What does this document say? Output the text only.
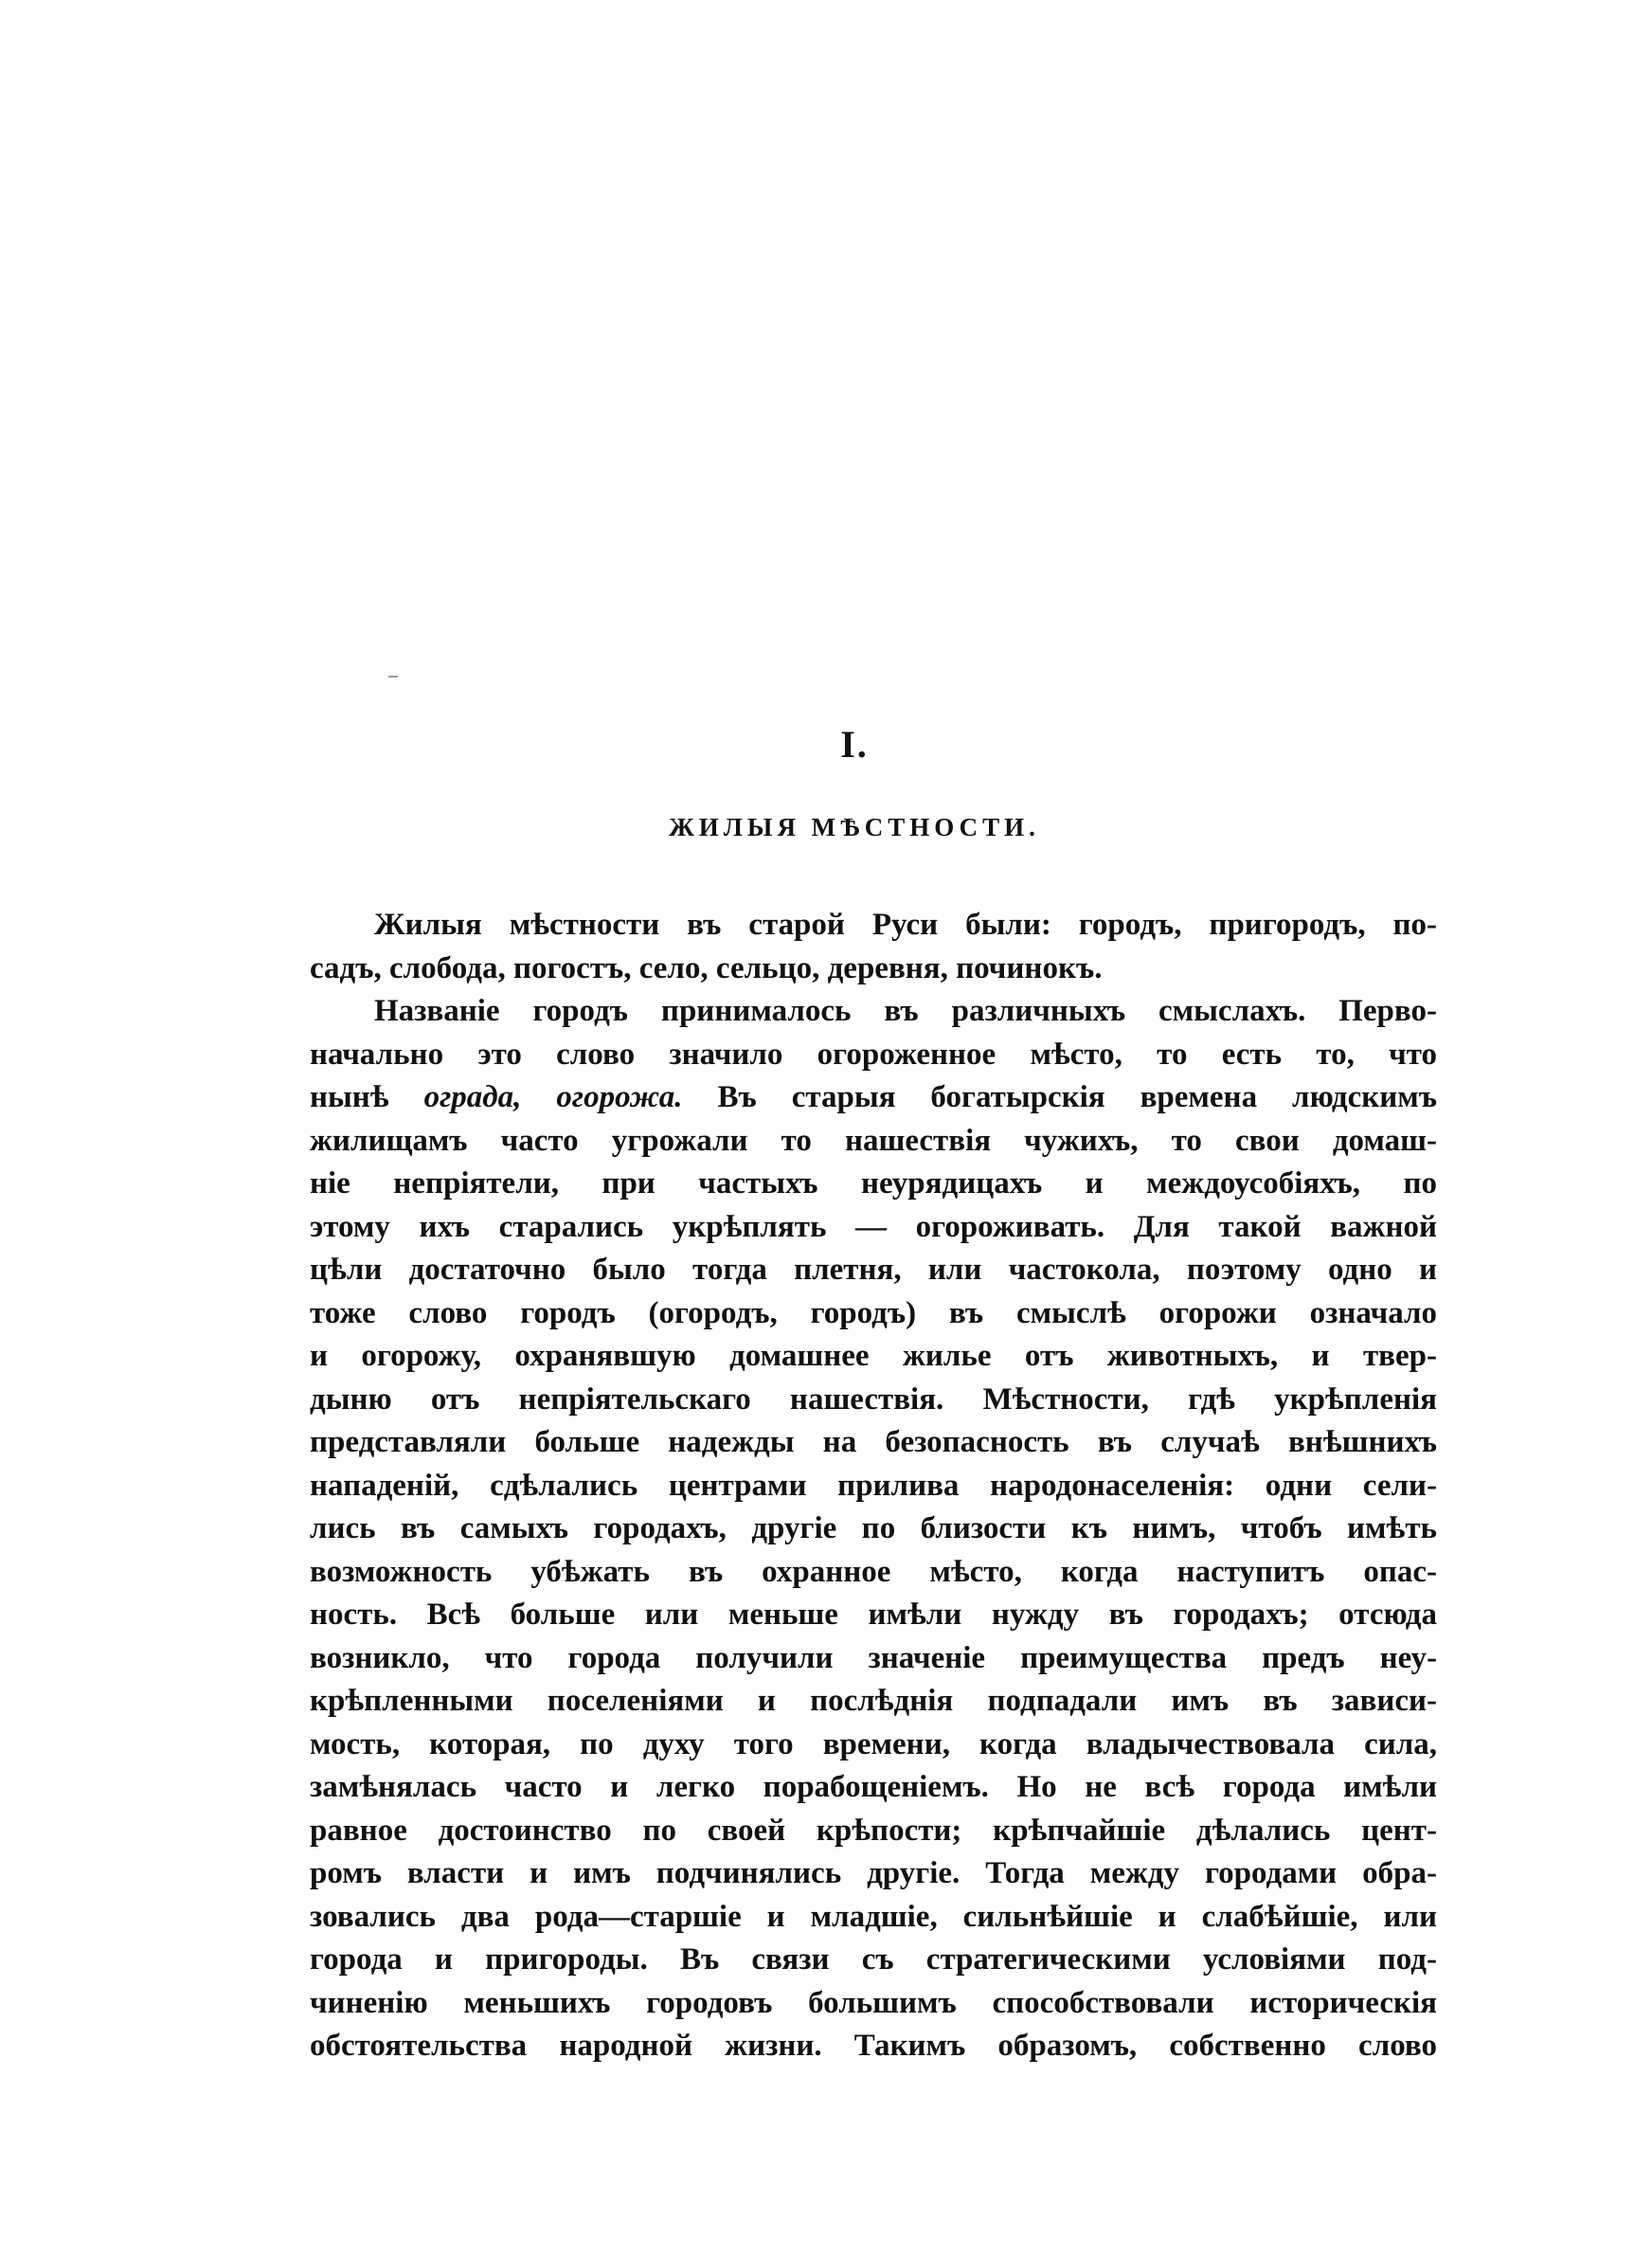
I.
ЖИЛЫЯ МѢСТНОСТИ.
Жилыя мѣстности въ старой Руси были: городъ, пригородъ, по-
садъ, слобода, погостъ, село, сельцо, деревня, починокъ.
Названіе городъ принималось въ различныхъ смыслахъ. Перво-
начально это слово значило огороженное мѣсто, то есть то, что
нынѣ ограда, огорожа. Въ старыя богатырскія времена людскимъ
жилищамъ часто угрожали то нашествія чужихъ, то свои домаш-
ніе непріятели, при частыхъ неурядицахъ и междоусобіяхъ, по
этому ихъ старались укрѣплять — огороживать. Для такой важной
цѣли достаточно было тогда плетня, или частокола, поэтому одно и
тоже слово городъ (огородъ, городъ) въ смыслѣ огорожи означало
и огорожу, охранявшую домашнее жилье отъ животныхъ, и твер-
дыню отъ непріятельскаго нашествія. Мѣстности, гдѣ укрѣпленія
представляли больше надежды на безопасность въ случаѣ внѣшнихъ
нападеній, сдѣлались центрами прилива народонаселенія: одни сели-
лись въ самыхъ городахъ, другіе по близости къ нимъ, чтобъ имѣть
возможность убѣжать въ охранное мѣсто, когда наступитъ опас-
ность. Всѣ больше или меньше имѣли нужду въ городахъ; отсюда
возникло, что города получили значеніе преимущества предъ неу-
крѣпленными поселеніями и послѣднія подпадали имъ въ зависи-
мость, которая, по духу того времени, когда владычествовала сила,
замѣнялась часто и легко порабощеніемъ. Но не всѣ города имѣли
равное достоинство по своей крѣпости; крѣпчайшіе дѣлались цент-
ромъ власти и имъ подчинялись другіе. Тогда между городами обра-
зовались два рода—старшіе и младшіе, сильнѣйшіе и слабѣйшіе, или
города и пригороды. Въ связи съ стратегическими условіями под-
чиненію меньшихъ городовъ большимъ способствовали историческія
обстоятельства народной жизни. Такимъ образомъ, собственно слово
